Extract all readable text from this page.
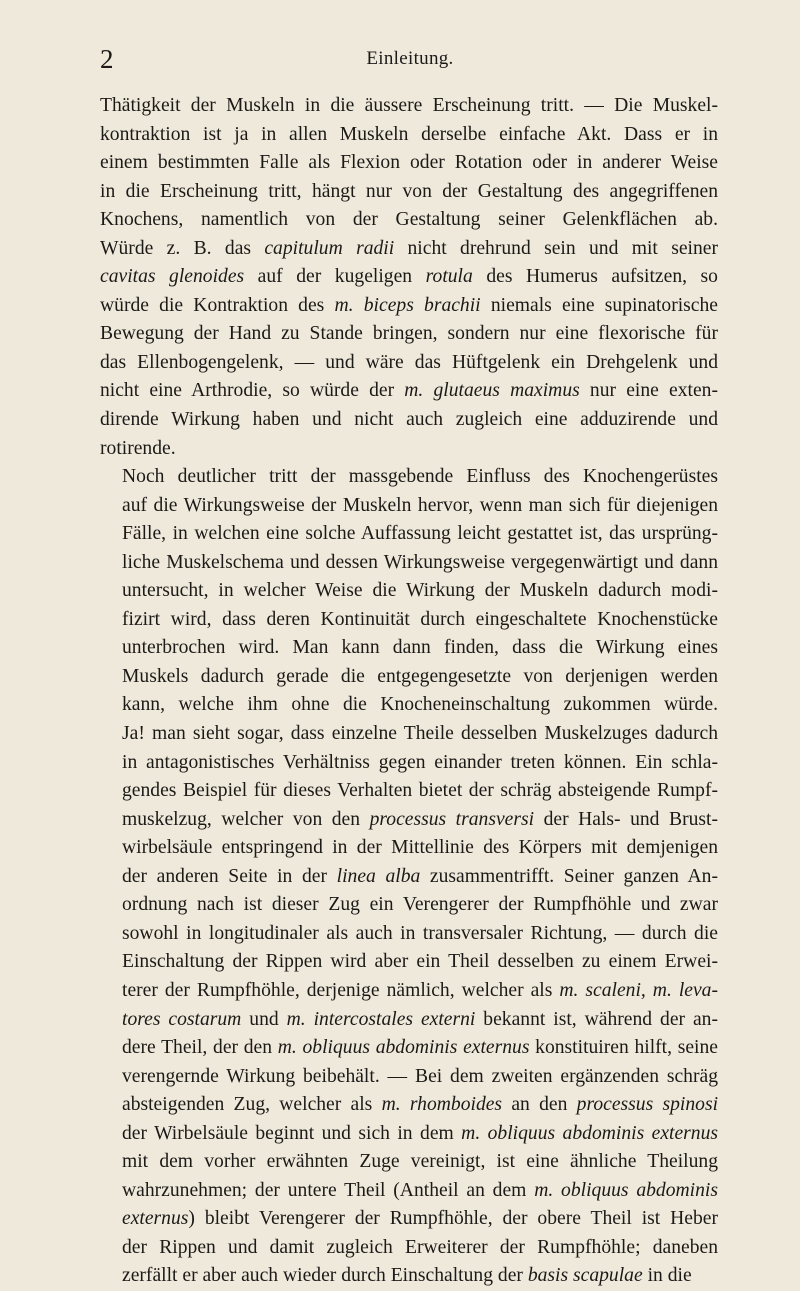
2	Einleitung.
Thätigkeit der Muskeln in die äussere Erscheinung tritt. — Die Muskel-
kontraktion ist ja in allen Muskeln derselbe einfache Akt. Dass er in
einem bestimmten Falle als Flexion oder Rotation oder in anderer Weise
in die Erscheinung tritt, hängt nur von der Gestaltung des angegriffenen
Knochens, namentlich von der Gestaltung seiner Gelenkflächen ab.
Würde z. B. das capitulum radii nicht drehrund sein und mit seiner
cavitas glenoides auf der kugeligen rotula des Humerus aufsitzen, so
würde die Kontraktion des m. biceps brachii niemals eine supinatorische
Bewegung der Hand zu Stande bringen, sondern nur eine flexorische für
das Ellenbogengelenk, — und wäre das Hüftgelenk ein Drehgelenk und
nicht eine Arthrodie, so würde der m. glutaeus maximus nur eine exten-
dirende Wirkung haben und nicht auch zugleich eine adduzirende und
rotirende.
Noch deutlicher tritt der massgebende Einfluss des Knochengerüstes
auf die Wirkungsweise der Muskeln hervor, wenn man sich für diejenigen
Fälle, in welchen eine solche Auffassung leicht gestattet ist, das ursprüng-
liche Muskelschema und dessen Wirkungsweise vergegenwärtigt und dann
untersucht, in welcher Weise die Wirkung der Muskeln dadurch modi-
fizirt wird, dass deren Kontinuität durch eingeschaltete Knochenstücke
unterbrochen wird. Man kann dann finden, dass die Wirkung eines
Muskels dadurch gerade die entgegengesetzte von derjenigen werden
kann, welche ihm ohne die Knocheneinschaltung zukommen würde.
Ja! man sieht sogar, dass einzelne Theile desselben Muskelzuges dadurch
in antagonistisches Verhältniss gegen einander treten können. Ein schla-
gendes Beispiel für dieses Verhalten bietet der schräg absteigende Rumpf-
muskelzug, welcher von den processus transversi der Hals- und Brust-
wirbelsäule entspringend in der Mittellinie des Körpers mit demjenigen
der anderen Seite in der linea alba zusammentrifft. Seiner ganzen An-
ordnung nach ist dieser Zug ein Verengerer der Rumpfhöhle und zwar
sowohl in longitudinaler als auch in transversaler Richtung, — durch die
Einschaltung der Rippen wird aber ein Theil desselben zu einem Erwei-
terer der Rumpfhöhle, derjenige nämlich, welcher als m. scaleni, m. leva-
tores costarum und m. intercostales externi bekannt ist, während der an-
dere Theil, der den m. obliquus abdominis externus konstituiren hilft, seine
verengernde Wirkung beibehält. — Bei dem zweiten ergänzenden schräg
absteigenden Zug, welcher als m. rhomboides an den processus spinosi
der Wirbelsäule beginnt und sich in dem m. obliquus abdominis externus
mit dem vorher erwähnten Zuge vereinigt, ist eine ähnliche Theilung
wahrzunehmen; der untere Theil (Antheil an dem m. obliquus abdominis
externus) bleibt Verengerer der Rumpfhöhle, der obere Theil ist Heber
der Rippen und damit zugleich Erweiterer der Rumpfhöhle; daneben
zerfällt er aber auch wieder durch Einschaltung der basis scapulae in die
